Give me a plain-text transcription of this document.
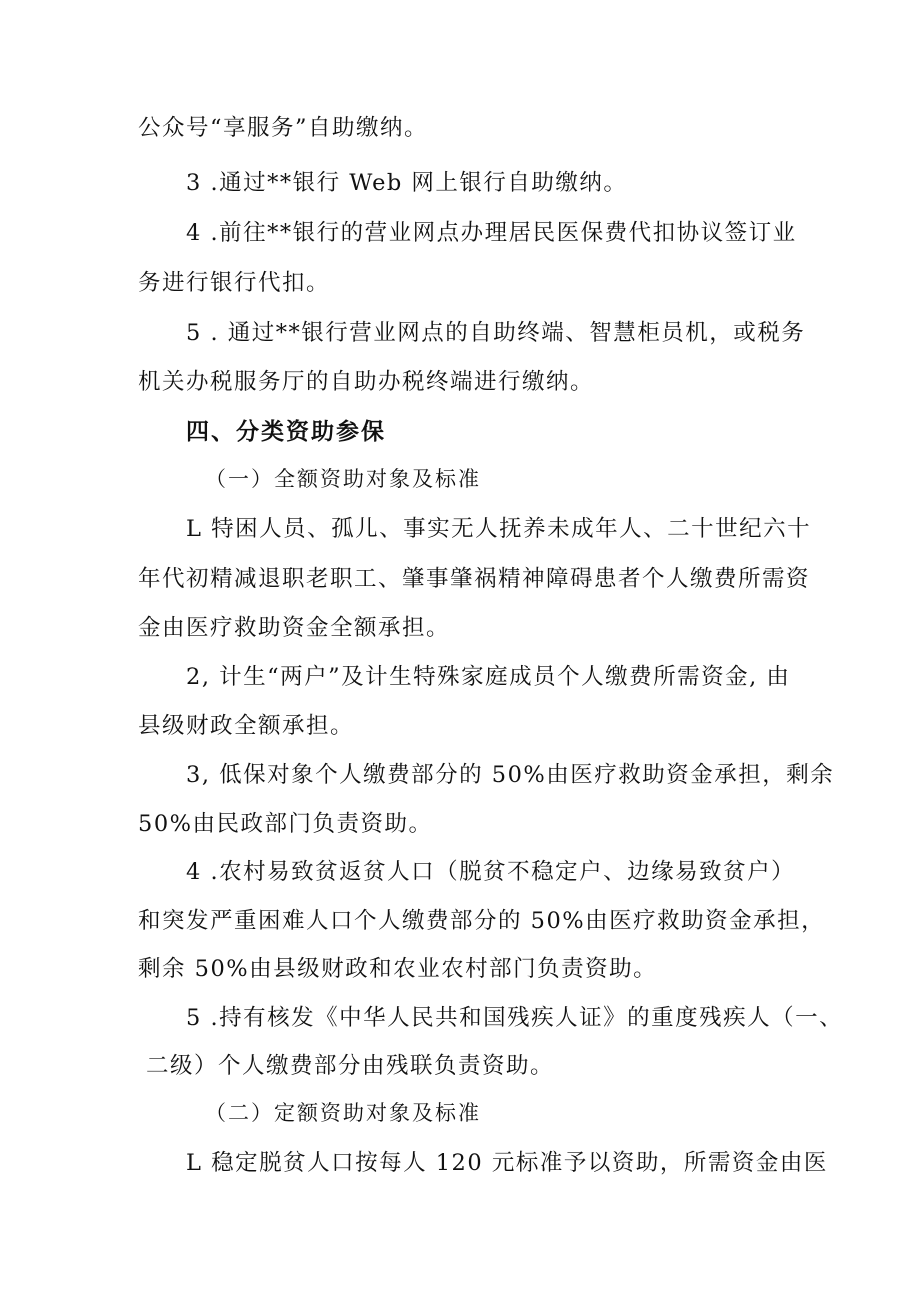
公众号“享服务”自助缴纳。
3 .通过**银行 Web 网上银行自助缴纳。
4 .前往**银行的营业网点办理居民医保费代扣协议签订业
务进行银行代扣。
5 . 通过**银行营业网点的自助终端、智慧柜员机，或税务
机关办税服务厅的自助办税终端进行缴纳。
四、分类资助参保
（一）全额资助对象及标准
L 特困人员、孤儿、事实无人抚养未成年人、二十世纪六十
年代初精减退职老职工、肇事肇祸精神障碍患者个人缴费所需资
金由医疗救助资金全额承担。
2, 计生“两户”及计生特殊家庭成员个人缴费所需资金, 由
县级财政全额承担。
3, 低保对象个人缴费部分的 50%由医疗救助资金承担，剩余
50%由民政部门负责资助。
4 .农村易致贫返贫人口（脱贫不稳定户、边缘易致贫户）
和突发严重困难人口个人缴费部分的 50%由医疗救助资金承担，
剩余 50%由县级财政和农业农村部门负责资助。
5 .持有核发《中华人民共和国残疾人证》的重度残疾人（一、
二级）个人缴费部分由残联负责资助。
（二）定额资助对象及标准
L 稳定脱贫人口按每人 120 元标准予以资助，所需资金由医
